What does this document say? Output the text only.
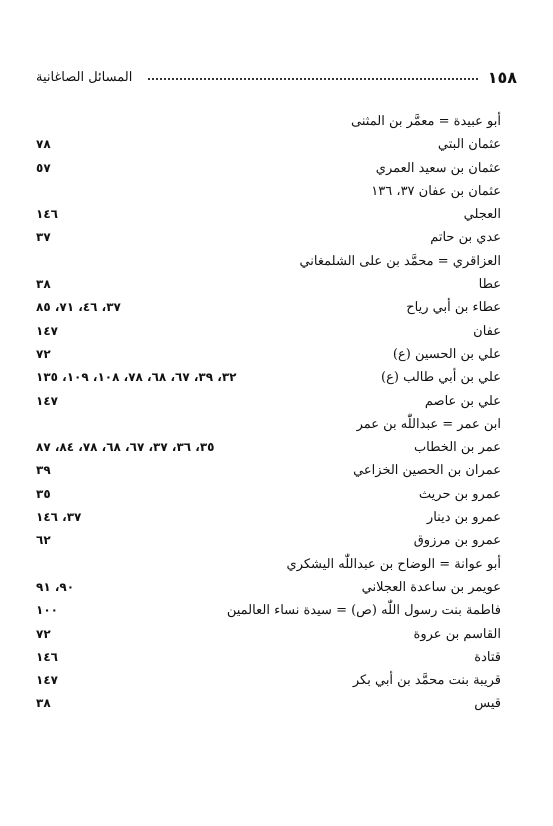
المسائل الصاغانية	١٥٨
أبو عبيدة = معمَّر بن المثنى
عثمان البتي
٧٨
عثمان بن سعيد العمري
٥٧
عثمان بن عفان ٣٧، ١٣٦
العجلي
١٤٦
عدي بن حاتم
٣٧
العزاقري = محمَّد بن على الشلمغاني
عطا
٣٨
عطاء بن أبي رياح
٣٧، ٤٦، ٧١، ٨٥
عفان
١٤٧
علي بن الحسين (ع)
٧٢
علي بن أبي طالب (ع)
٣٢، ٣٩، ٦٧، ٦٨، ٧٨، ١٠٨، ١٠٩، ١٣٥
علي بن عاصم
١٤٧
ابن عمر = عبداللّٰه بن عمر
عمر بن الخطاب
٣٥، ٣٦، ٣٧، ٦٧، ٦٨، ٧٨، ٨٤، ٨٧
عمران بن الحصين الخزاعي
٣٩
عمرو بن حريث
٣٥
عمرو بن دينار
٣٧، ١٤٦
عمرو بن مرزوق
٦٢
أبو عوانة = الوضاح بن عبداللّٰه اليشكري
عويمر بن ساعدة العجلاني
٩٠، ٩١
فاطمة بنت رسول اللّٰه (ص) = سيدة نساء العالمين
١٠٠
القاسم بن عروة
٧٢
قتادة
١٤٦
قريبة بنت محمَّد بن أبي بكر
١٤٧
قيس
٣٨
